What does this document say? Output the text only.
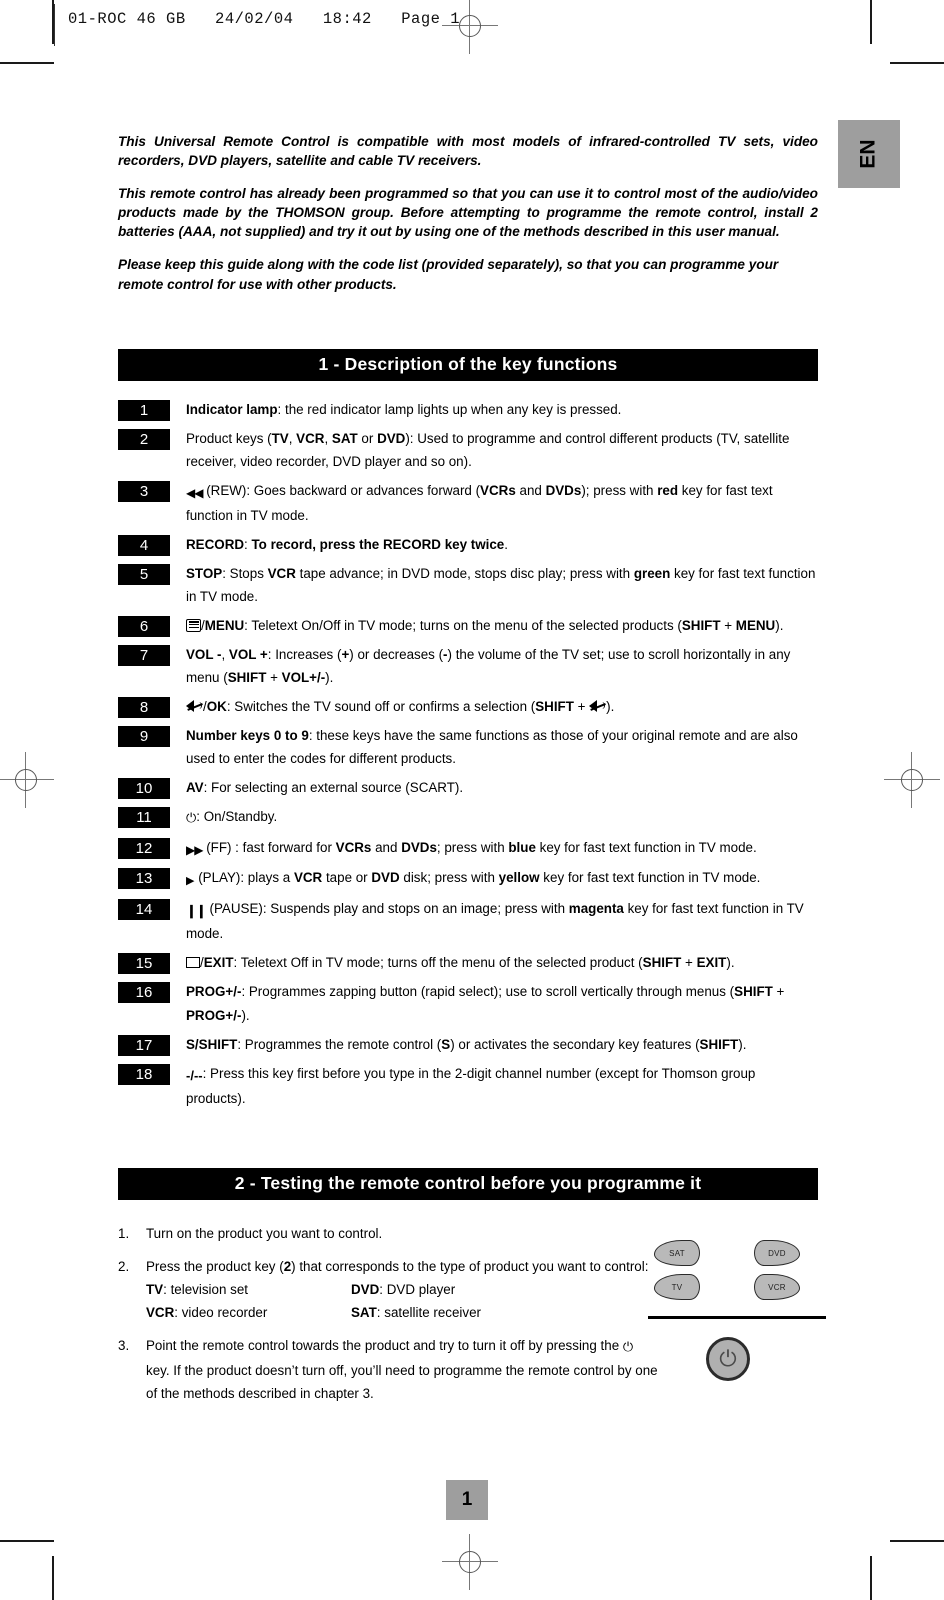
01-ROC 46 GB   24/02/04   18:42   Page 1
EN

This Universal Remote Control is compatible with most models of infrared-controlled TV sets, video recorders, DVD players, satellite and cable TV receivers.

This remote control has already been programmed so that you can use it to control most of the audio/video products made by the THOMSON group. Before attempting to programme the remote control, install 2 batteries (AAA, not supplied) and try it out by using one of the methods described in this user manual.

Please keep this guide along with the code list (provided separately), so that you can programme your remote control for use with other products.

1 - Description of the key functions
1	Indicator lamp: the red indicator lamp lights up when any key is pressed.
2	Product keys (TV, VCR, SAT or DVD): Used to programme and control different products (TV, satellite receiver, video recorder, DVD player and so on).
3	◀◀ (REW): Goes backward or advances forward (VCRs and DVDs); press with red key for fast text function in TV mode.
4	RECORD: To record, press the RECORD key twice.
5	STOP: Stops VCR tape advance; in DVD mode, stops disc play; press with green key for fast text function in TV mode.
6	/MENU: Teletext On/Off in TV mode; turns on the menu of the selected products (SHIFT + MENU).
7	VOL -, VOL +: Increases (+) or decreases (-) the volume of the TV set; use to scroll horizontally in any menu (SHIFT + VOL+/-).
8	/OK: Switches the TV sound off or confirms a selection (SHIFT +
).
9	Number keys 0 to 9: these keys have the same functions as those of your original remote and are also used to enter the codes for different products.
10	AV: For selecting an external source (SCART).
11	⏻: On/Standby.
12	▶▶ (FF) : fast forward for VCRs and DVDs; press with blue key for fast text function in TV mode.
13	▶ (PLAY): plays a VCR tape or DVD disk; press with yellow key for fast text function in TV mode.
14	❙❙ (PAUSE): Suspends play and stops on an image; press with magenta key for fast text function in TV mode.
15	/EXIT: Teletext Off in TV mode; turns off the menu of the selected product (SHIFT + EXIT).
16	PROG+/-: Programmes zapping button (rapid select); use to scroll vertically through menus (SHIFT + PROG+/-).
17	S/SHIFT: Programmes the remote control (S) or activates the secondary key features (SHIFT).
18	-/--: Press this key first before you type in the 2-digit channel number (except for Thomson group products).
2 - Testing the remote control before you programme it
1.	Turn on the product you want to control.
2.	Press the product key (2) that corresponds to the type of product you want to control:
TV: television set
VCR: video recorder
DVD: DVD player
SAT: satellite receiver
3.	Point the remote control towards the product and try to turn it off by pressing the ⏻ key. If the product doesn’t turn off, you’ll need to programme the remote control by one of the methods described in chapter 3.
SAT
TV
DVD
VCR
⏻
1
